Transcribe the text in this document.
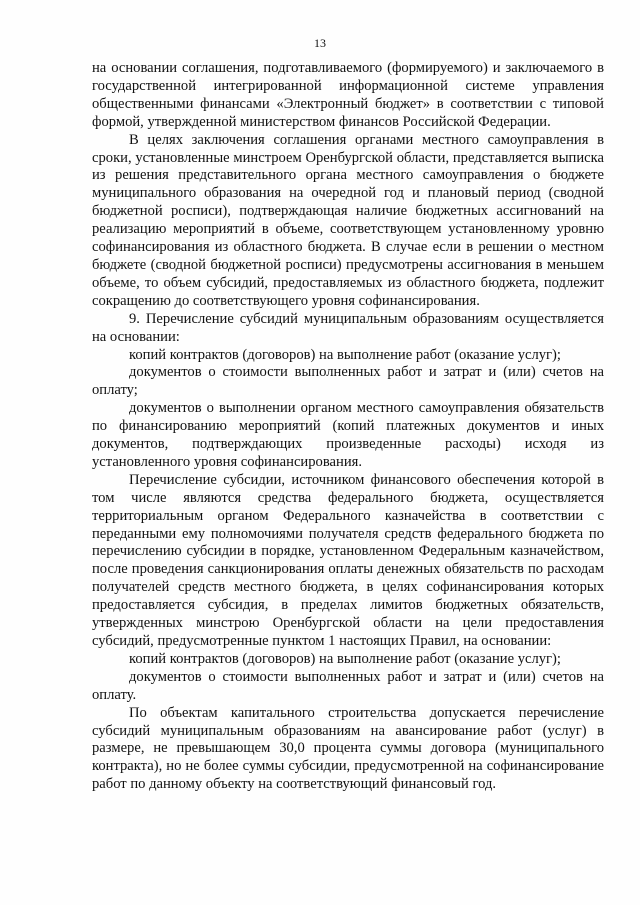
13

на основании соглашения, подготавливаемого (формируемого) и заключаемого в государственной интегрированной информационной системе управления общественными финансами «Электронный бюджет» в соответствии с типовой формой, утвержденной министерством финансов Российской Федерации.

В целях заключения соглашения органами местного самоуправления в сроки, установленные минстроем Оренбургской области, представляется выписка из решения представительного органа местного самоуправления о бюджете муниципального образования на очередной год и плановый период (сводной бюджетной росписи), подтверждающая наличие бюджетных ассигнований на реализацию мероприятий в объеме, соответствующем установленному уровню софинансирования из областного бюджета. В случае если в решении о местном бюджете (сводной бюджетной росписи) предусмотрены ассигнования в меньшем объеме, то объем субсидий, предоставляемых из областного бюджета, подлежит сокращению до соответствующего уровня софинансирования.

9. Перечисление субсидий муниципальным образованиям осуществляется на основании:

копий контрактов (договоров) на выполнение работ (оказание услуг);

документов о стоимости выполненных работ и затрат и (или) счетов на оплату;

документов о выполнении органом местного самоуправления обязательств по финансированию мероприятий (копий платежных документов и иных документов, подтверждающих произведенные расходы) исходя из установленного уровня софинансирования.

Перечисление субсидии, источником финансового обеспечения которой в том числе являются средства федерального бюджета, осуществляется территориальным органом Федерального казначейства в соответствии с переданными ему полномочиями получателя средств федерального бюджета по перечислению субсидии в порядке, установленном Федеральным казначейством, после проведения санкционирования оплаты денежных обязательств по расходам получателей средств местного бюджета, в целях софинансирования которых предоставляется субсидия, в пределах лимитов бюджетных обязательств, утвержденных минстрою Оренбургской области на цели предоставления субсидий, предусмотренные пунктом 1 настоящих Правил, на основании:

копий контрактов (договоров) на выполнение работ (оказание услуг);

документов о стоимости выполненных работ и затрат и (или) счетов на оплату.

По объектам капитального строительства допускается перечисление субсидий муниципальным образованиям на авансирование работ (услуг) в размере, не превышающем 30,0 процента суммы договора (муниципального контракта), но не более суммы субсидии, предусмотренной на софинансирование работ по данному объекту на соответствующий финансовый год.
